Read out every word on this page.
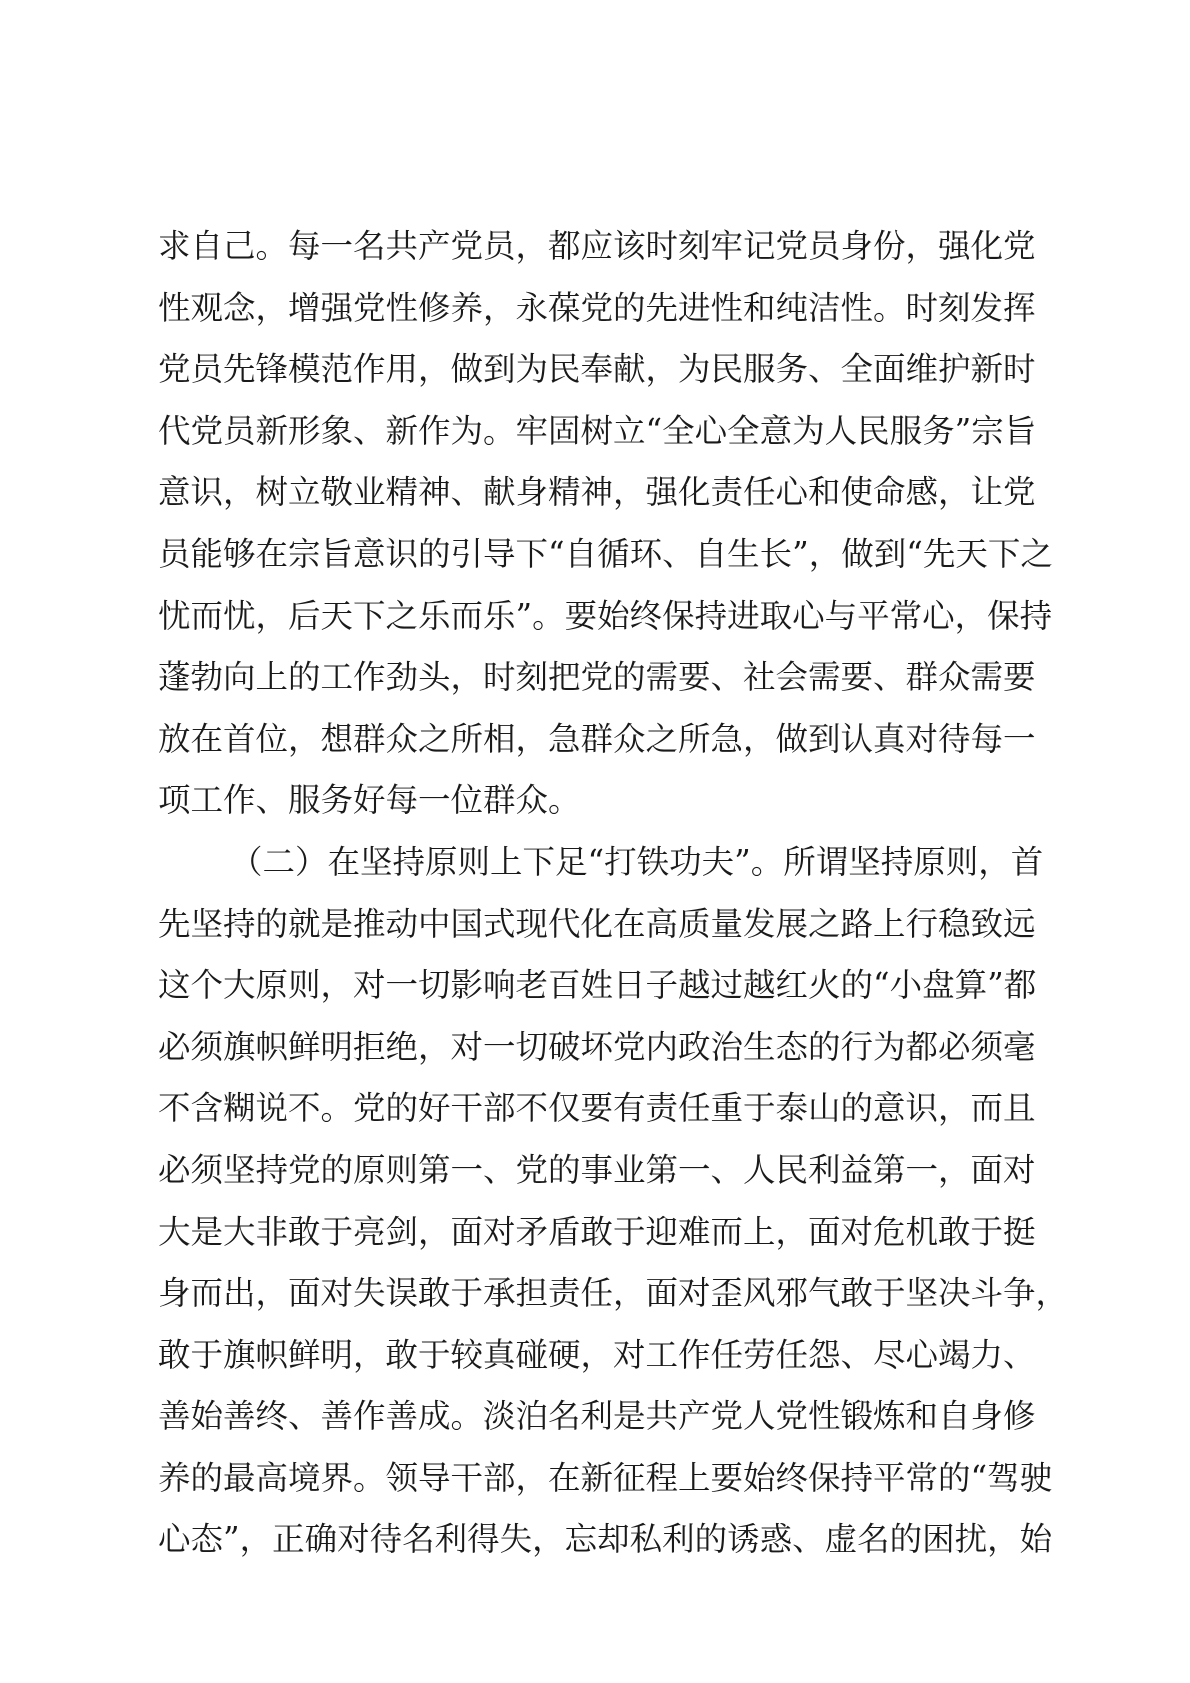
求自己。每一名共产党员，都应该时刻牢记党员身份，强化党
性观念，增强党性修养，永葆党的先进性和纯洁性。时刻发挥
党员先锋模范作用，做到为民奉献，为民服务、全面维护新时
代党员新形象、新作为。牢固树立“全心全意为人民服务”宗旨
意识，树立敬业精神、献身精神，强化责任心和使命感，让党
员能够在宗旨意识的引导下“自循环、自生长”，做到“先天下之
忧而忧，后天下之乐而乐”。要始终保持进取心与平常心，保持
蓬勃向上的工作劲头，时刻把党的需要、社会需要、群众需要
放在首位，想群众之所相，急群众之所急，做到认真对待每一
项工作、服务好每一位群众。
（二）在坚持原则上下足“打铁功夫”。所谓坚持原则，首
先坚持的就是推动中国式现代化在高质量发展之路上行稳致远
这个大原则，对一切影响老百姓日子越过越红火的“小盘算”都
必须旗帜鲜明拒绝，对一切破坏党内政治生态的行为都必须毫
不含糊说不。党的好干部不仅要有责任重于泰山的意识，而且
必须坚持党的原则第一、党的事业第一、人民利益第一，面对
大是大非敢于亮剑，面对矛盾敢于迎难而上，面对危机敢于挺
身而出，面对失误敢于承担责任，面对歪风邪气敢于坚决斗争，
敢于旗帜鲜明，敢于较真碰硬，对工作任劳任怨、尽心竭力、
善始善终、善作善成。淡泊名利是共产党人党性锻炼和自身修
养的最高境界。领导干部，在新征程上要始终保持平常的“驾驶
心态”，正确对待名利得失，忘却私利的诱惑、虚名的困扰，始
